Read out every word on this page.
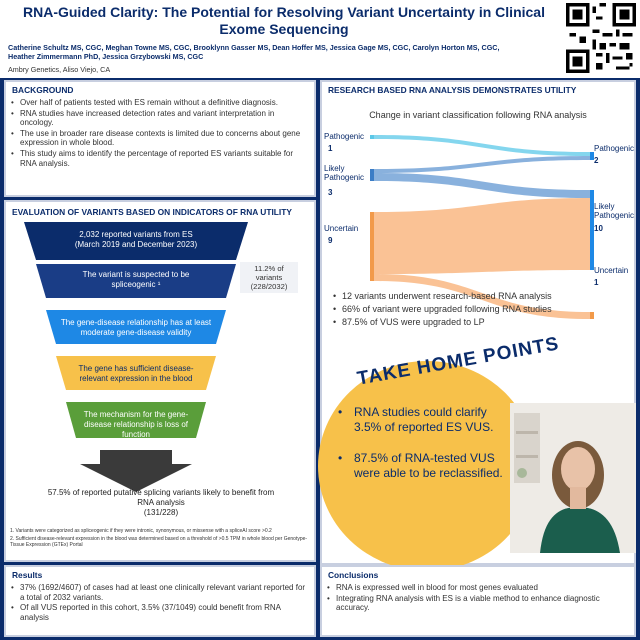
RNA-Guided Clarity: The Potential for Resolving Variant Uncertainty in Clinical
Exome Sequencing
Catherine Schultz MS, CGC, Meghan Towne MS, CGC, Brooklynn Gasser MS, Dean Hoffer MS, Jessica Gage MS, CGC, Carolyn Horton MS, CGC,
Heather Zimmermann PhD, Jessica Grzybowski MS, CGC
Ambry Genetics, Aliso Viejo, CA
BACKGROUND
• Over half of patients tested with ES remain without a definitive diagnosis.
• RNA studies have increased detection rates and variant interpretation in oncology.
• The use in broader rare disease contexts is limited due to concerns about gene expression in whole blood.
• This study aims to identify the percentage of reported ES variants suitable for RNA analysis.
EVALUATION OF VARIANTS BASED ON INDICATORS OF RNA UTILITY
2,032 reported variants from ES (March 2019 and December 2023)
The variant is suspected to be spliceogenic ¹
11.2% of variants (228/2032)
The gene-disease relationship has at least moderate gene-disease validity
The gene has sufficient disease-relevant expression in the blood
The mechanism for the gene-disease relationship is loss of function
57.5% of reported putative splicing variants likely to benefit from RNA analysis
(131/228)
1. Variants were categorized as spliceogenic if they were intronic, synonymous, or missense with a spliceAI score >0.2
2. Sufficient disease-relevant expression in the blood was determined based on a threshold of >0.5 TPM in whole blood per Genotype-Tissue Expression (GTEx) Portal
Results
• 37% (1692/4607) of cases had at least one clinically relevant variant reported for a total of 2032 variants.
• Of all VUS reported in this cohort, 3.5% (37/1049) could benefit from RNA analysis
RESEARCH BASED RNA ANALYSIS DEMONSTRATES UTILITY
Change in variant classification following RNA analysis
Pathogenic
1
Likely Pathogenic
3
Uncertain
9
Pathogenic
2
Likely Pathogenic
10
Uncertain
1
• 12 variants underwent research-based RNA analysis
• 66% of variant were upgraded following RNA studies
• 87.5% of VUS were upgraded to LP
TAKE HOME POINTS
• RNA studies could clarify 3.5% of reported ES VUS.
• 87.5% of RNA-tested VUS were able to be reclassified.
Conclusions
• RNA is expressed well in blood for most genes evaluated
• Integrating RNA analysis with ES is a viable method to enhance diagnostic accuracy.
